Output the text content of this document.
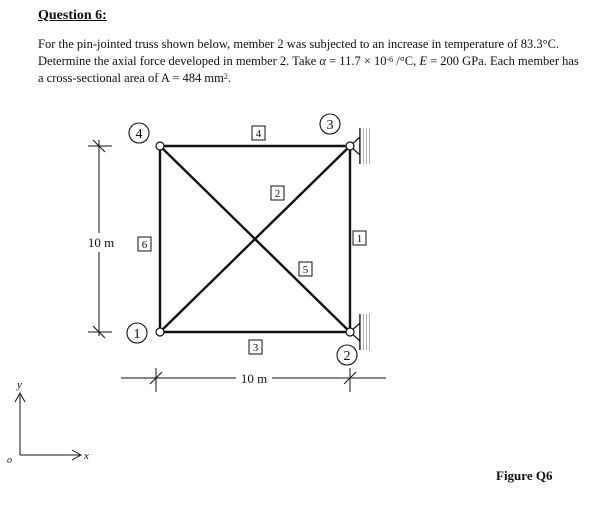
Question 6:
For the pin-jointed truss shown below, member 2 was subjected to an increase in temperature of 83.3°C. Determine the axial force developed in member 2. Take $\alpha = 11.7 \times 10^{-6}$ /°C, E = 200 GPa. Each member has a cross-sectional area of A = 484 $mm^2$.
4
3
1
2
4
2
1
6
5
3
10 m
10 m
y
x
o
Figure Q6
